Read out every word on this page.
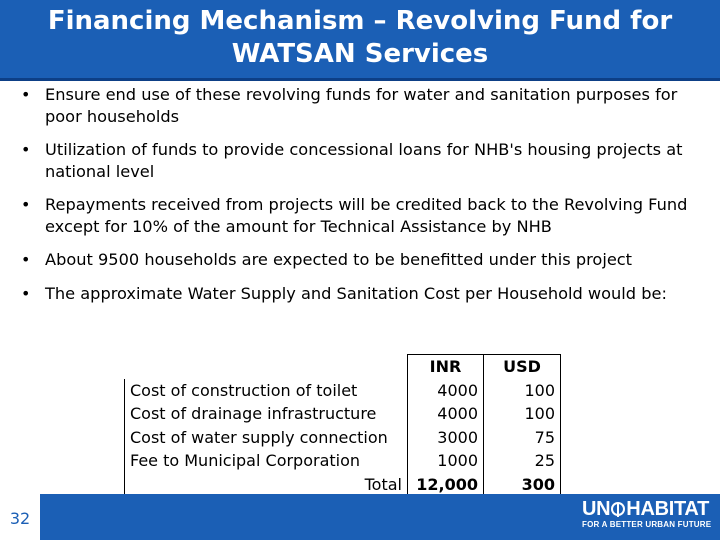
Financing Mechanism – Revolving Fund for
WATSAN Services
• Ensure end use of these revolving funds for water and sanitation purposes for poor households
• Utilization of funds to provide concessional loans for NHB's housing projects at national level
• Repayments received from projects will be credited back to the Revolving Fund except for 10% of the amount for Technical Assistance by NHB
• About 9500 households are expected to be benefitted under this project
• The approximate Water Supply and Sanitation Cost per Household would be:
	INR	USD
Cost of construction of toilet	4000	100
Cost of drainage infrastructure	4000	100
Cost of water supply connection	3000	75
Fee to Municipal Corporation	1000	25
Total	12,000	300
32	UN HABITAT
FOR A BETTER URBAN FUTURE
